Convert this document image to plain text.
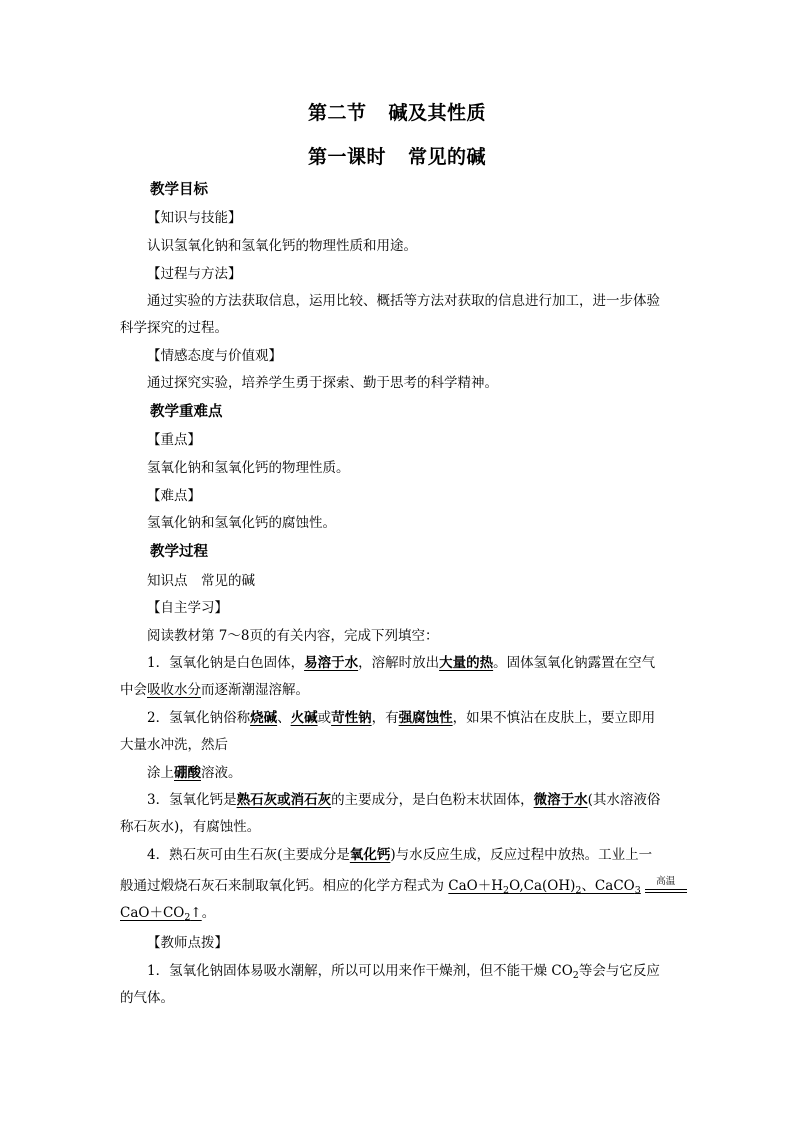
第二节 碱及其性质
第一课时 常见的碱
教学目标
【知识与技能】
认识氢氧化钠和氢氧化钙的物理性质和用途。
【过程与方法】
通过实验的方法获取信息，运用比较、概括等方法对获取的信息进行加工，进一步体验
科学探究的过程。
【情感态度与价值观】
通过探究实验，培养学生勇于探索、勤于思考的科学精神。
教学重难点
【重点】
氢氧化钠和氢氧化钙的物理性质。
【难点】
氢氧化钠和氢氧化钙的腐蚀性。
教学过程
知识点　常见的碱
【自主学习】
阅读教材第 7～8页的有关内容，完成下列填空：
1．氢氧化钠是白色固体，易溶于水，溶解时放出大量的热。固体氢氧化钠露置在空气
中会吸收水分而逐渐潮湿溶解。
2．氢氧化钠俗称烧碱、火碱或苛性钠，有强腐蚀性，如果不慎沾在皮肤上，要立即用
大量水冲洗，然后
涂上硼酸溶液。
3．氢氧化钙是熟石灰或消石灰的主要成分，是白色粉末状固体，微溶于水(其水溶液俗
称石灰水)，有腐蚀性。
4．熟石灰可由生石灰(主要成分是氧化钙)与水反应生成，反应过程中放热。工业上一
般通过煅烧石灰石来制取氧化钙。相应的化学方程式为 $CaO+H_2O,Ca(OH)_2$、CaCO$_3$
高温
$CaO+CO_2↑$。
【教师点拨】
1．氢氧化钠固体易吸水潮解，所以可以用来作干燥剂，但不能干燥 $CO_2$等会与它反应
的气体。
